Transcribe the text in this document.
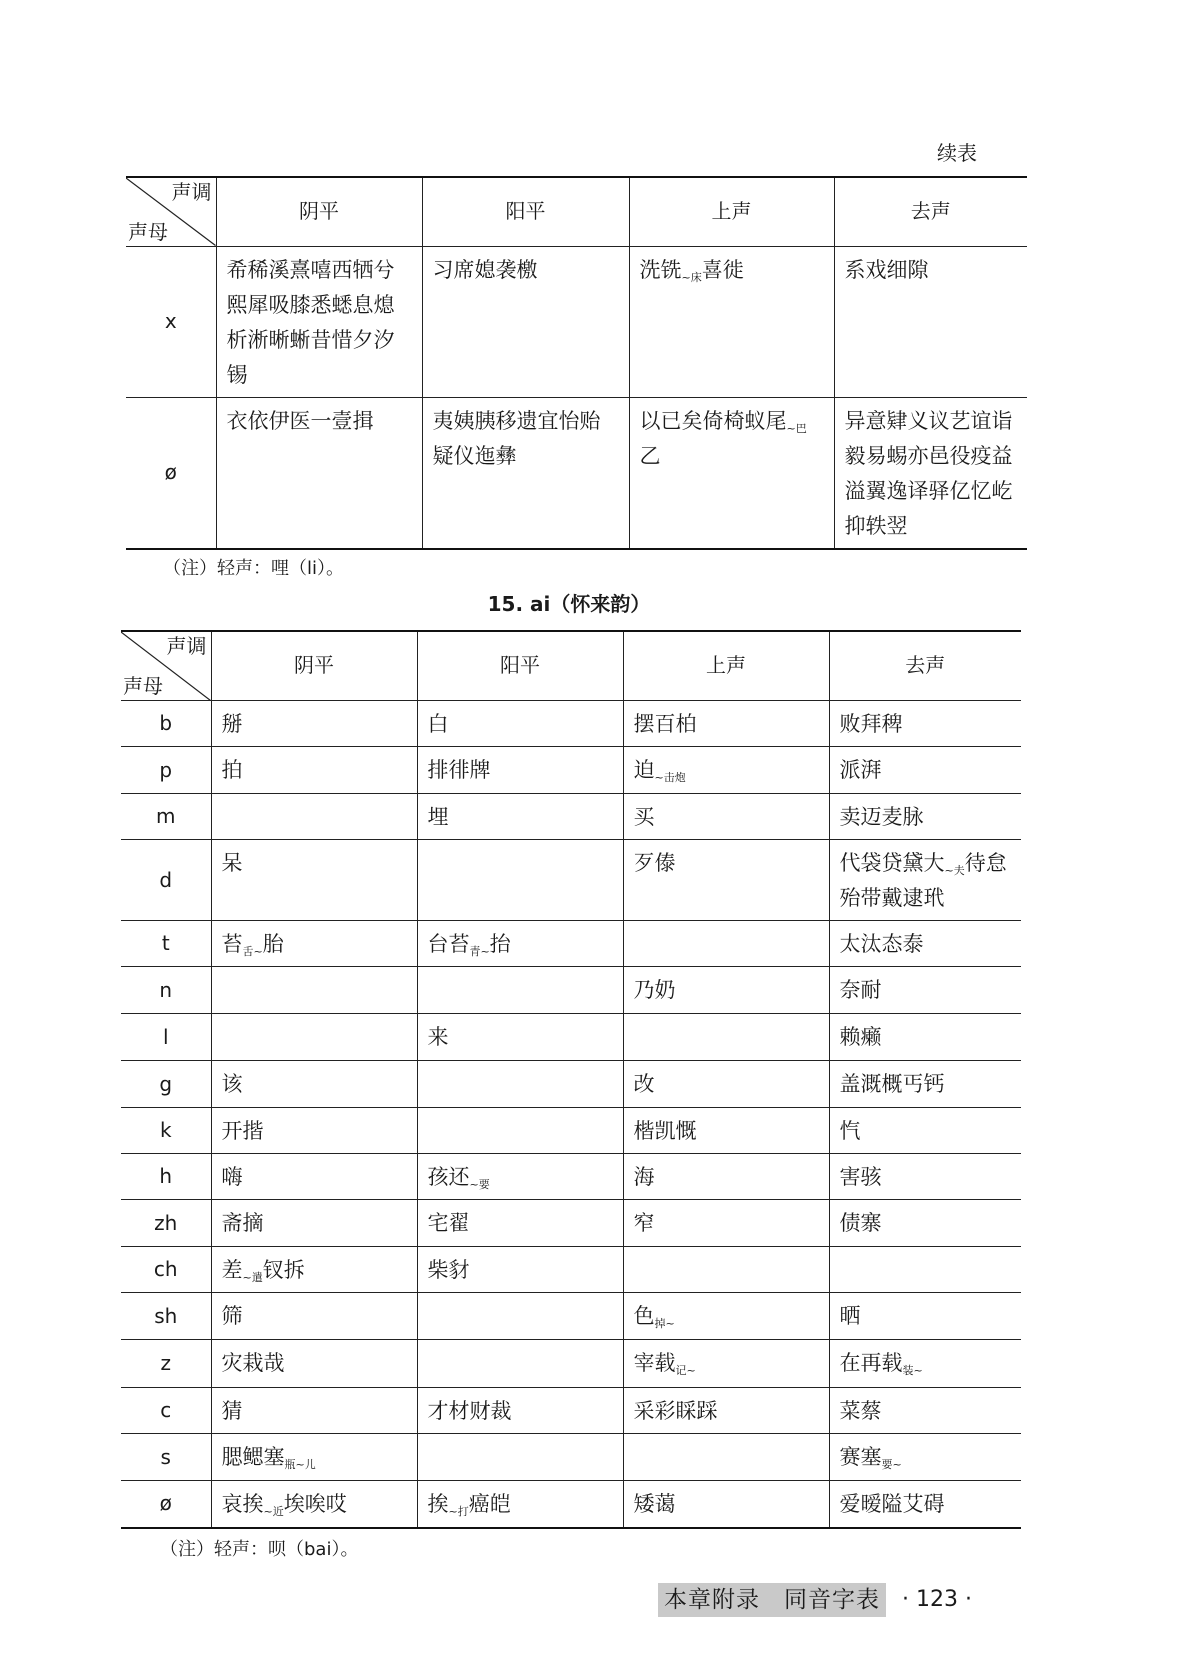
续表
声调
声母	阴平	阳平	上声	去声
x	希稀溪熹嘻西牺兮熙犀吸膝悉蟋息熄析淅晰蜥昔惜夕汐锡	习席媳袭檄	洗铣$_{\sim 床}$喜徙	系戏细隙
ø	衣依伊医一壹揖	夷姨胰移遗宜怡贻疑仪迤彝	以已矣倚椅蚁尾$_{\sim 巴}$乙	异意肄义议艺谊诣毅易蜴亦邑役疫益溢翼逸译驿亿忆屹抑轶翌
（注）轻声：哩（li）。
15. ai（怀来韵）
声调
声母	阴平	阳平	上声	去声
b	掰	白	摆百柏	败拜稗
p	拍	排徘牌	迫$_{\sim 击炮}$	派湃
m		埋	买	卖迈麦脉
d	呆		歹傣	代袋贷黛大$_{\sim 夫}$待怠殆带戴逮玳
t	苔$_{舌\sim}$胎	台苔$_{青\sim}$抬		太汰态泰
n			乃奶	奈耐
l		来		赖癞
g	该		改	盖溉概丐钙
k	开揩		楷凯慨	忾
h	嗨	孩还$_{\sim 要}$	海	害骇
zh	斋摘	宅翟	窄	债寨
ch	差$_{\sim 遣}$钗拆	柴豺		
sh	筛		色$_{掉\sim}$	晒
z	灾栽哉		宰载$_{记\sim}$	在再载$_{装\sim}$
c	猜	才材财裁	采彩睬踩	菜蔡
s	腮鳃塞$_{瓶\sim 儿}$			赛塞$_{要\sim}$
ø	哀挨$_{\sim 近}$埃唉哎	挨$_{\sim 打}$癌皑	矮蔼	爱暧隘艾碍
（注）轻声：呗（bai）。
本章附录　同音字表 · 123 ·
